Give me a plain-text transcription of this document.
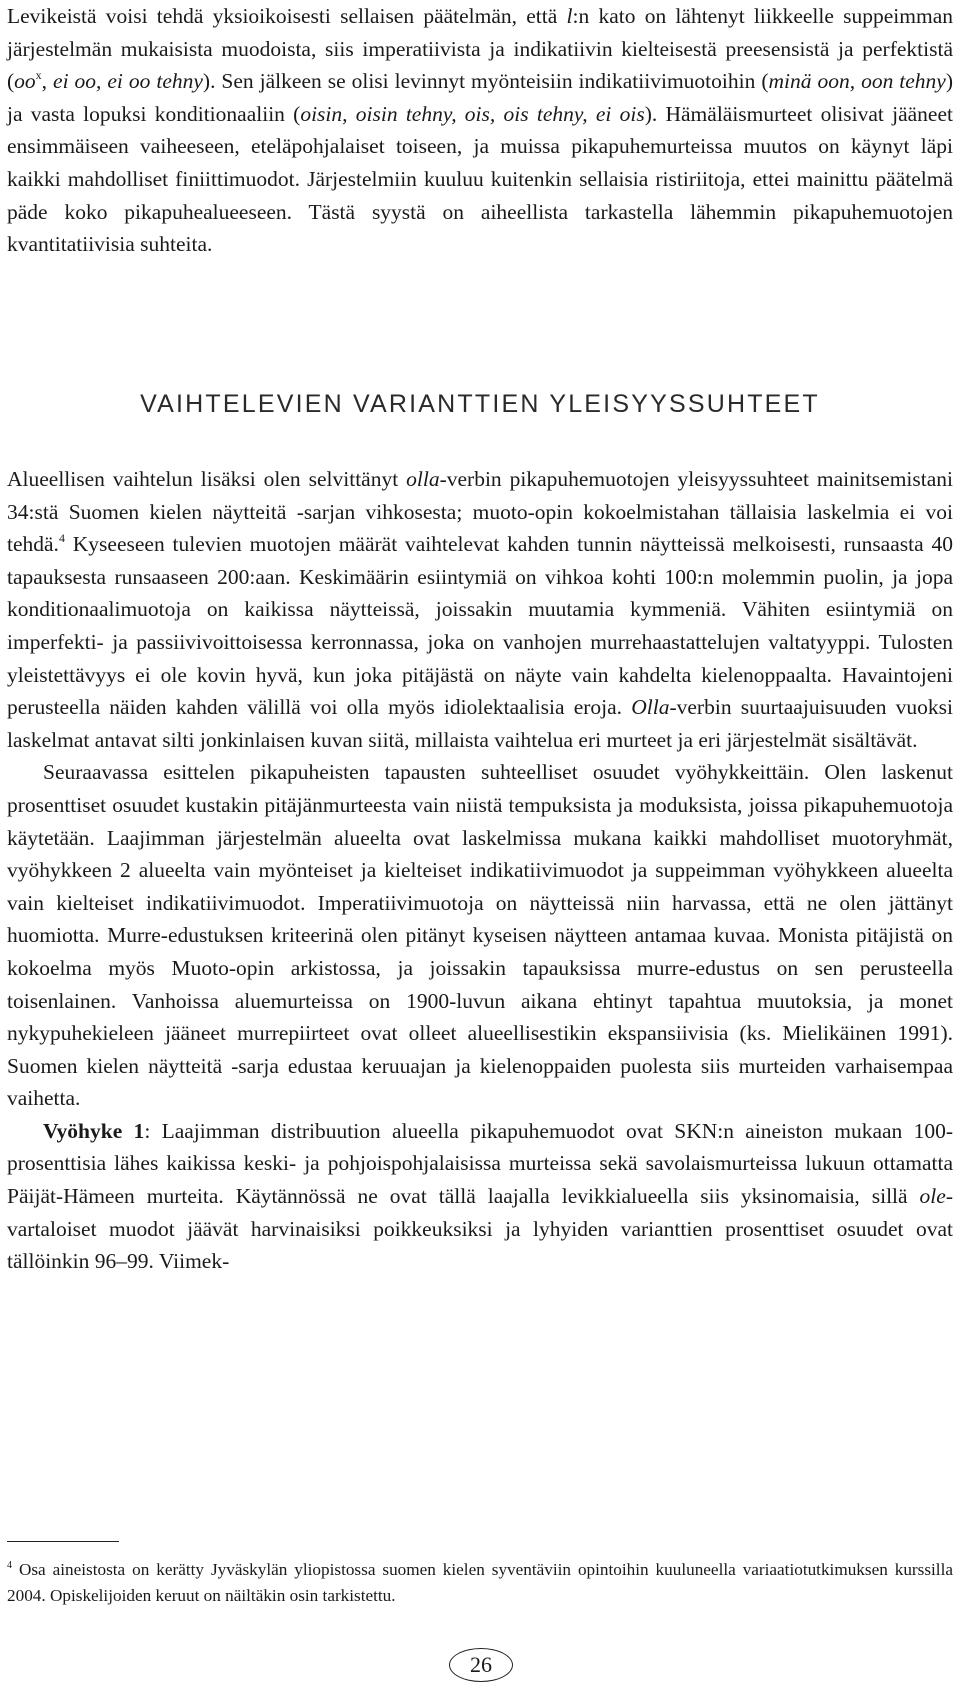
Levikeistä voisi tehdä yksioikoisesti sellaisen päätelmän, että l:n kato on lähtenyt liikkeelle suppeimman järjestelmän mukaisista muodoista, siis imperatiivista ja indikatiivin kielteisestä preesensistä ja perfektistä ($oo^x$, ei oo, ei oo tehny). Sen jälkeen se olisi levinnyt myönteisiin indikatiivimuotoihin (minä oon, oon tehny) ja vasta lopuksi konditionaaliin (oisin, oisin tehny, ois, ois tehny, ei ois). Hämäläismurteet olisivat jääneet ensimmäiseen vaiheeseen, eteläpohjalaiset toiseen, ja muissa pikapuhemurteissa muutos on käynyt läpi kaikki mahdolliset finiittimuodot. Järjestelmiin kuuluu kuitenkin sellaisia ristiriitoja, ettei mainittu päätelmä päde koko pikapuhealueeseen. Tästä syystä on aiheellista tarkastella lähemmin pikapuhemuotojen kvantitatiivisia suhteita.

VAIHTELEVIEN VARIANTTIEN YLEISYYSSUHTEET

Alueellisen vaihtelun lisäksi olen selvittänyt olla-verbin pikapuhemuotojen yleisyyssuhteet mainitsemistani 34:stä Suomen kielen näytteitä -sarjan vihkosesta; muoto-opin kokoelmistahan tällaisia laskelmia ei voi tehdä.$^4$ Kyseeseen tulevien muotojen määrät vaihtelevat kahden tunnin näytteissä melkoisesti, runsaasta 40 tapauksesta runsaaseen 200:aan. Keskimäärin esiintymiä on vihkoa kohti 100:n molemmin puolin, ja jopa konditionaalimuotoja on kaikissa näytteissä, joissakin muutamia kymmeniä. Vähiten esiintymiä on imperfekti- ja passiivivoittoisessa kerronnassa, joka on vanhojen murrehaastattelujen valtatyyppi. Tulosten yleistettävyys ei ole kovin hyvä, kun joka pitäjästä on näyte vain kahdelta kielenoppaalta. Havaintojeni perusteella näiden kahden välillä voi olla myös idiolektaalisia eroja. Olla-verbin suurtaajuisuuden vuoksi laskelmat antavat silti jonkinlaisen kuvan siitä, millaista vaihtelua eri murteet ja eri järjestelmät sisältävät.

Seuraavassa esittelen pikapuheisten tapausten suhteelliset osuudet vyöhykkeittäin. Olen laskenut prosenttiset osuudet kustakin pitäjänmurteesta vain niistä tempuksista ja moduksista, joissa pikapuhemuotoja käytetään. Laajimman järjestelmän alueelta ovat laskelmissa mukana kaikki mahdolliset muotoryhmät, vyöhykkeen 2 alueelta vain myönteiset ja kielteiset indikatiivimuodot ja suppeimman vyöhykkeen alueelta vain kielteiset indikatiivimuodot. Imperatiivimuotoja on näytteissä niin harvassa, että ne olen jättänyt huomiotta. Murre-edustuksen kriteerinä olen pitänyt kyseisen näytteen antamaa kuvaa. Monista pitäjistä on kokoelma myös Muoto-opin arkistossa, ja joissakin tapauksissa murre-edustus on sen perusteella toisenlainen. Vanhoissa aluemurteissa on 1900-luvun aikana ehtinyt tapahtua muutoksia, ja monet nykypuhekieleen jääneet murrepiirteet ovat olleet alueellisestikin ekspansiivisia (ks. Mielikäinen 1991). Suomen kielen näytteitä -sarja edustaa keruuajan ja kielenoppaiden puolesta siis murteiden varhaisempaa vaihetta.

Vyöhyke 1: Laajimman distribuution alueella pikapuhemuodot ovat SKN:n aineiston mukaan 100-prosenttisia lähes kaikissa keski- ja pohjoispohjalaisissa murteissa sekä savolaismurteissa lukuun ottamatta Päijät-Hämeen murteita. Käytännössä ne ovat tällä laajalla levikkialueella siis yksinomaisia, sillä ole-vartaloiset muodot jäävät harvinaisiksi poikkeuksiksi ja lyhyiden varianttien prosenttiset osuudet ovat tällöinkin 96–99. Viimek-

$^4$ Osa aineistosta on kerätty Jyväskylän yliopistossa suomen kielen syventäviin opintoihin kuuluneella variaatiotutkimuksen kurssilla 2004. Opiskelijoiden keruut on näiltäkin osin tarkistettu.

26
